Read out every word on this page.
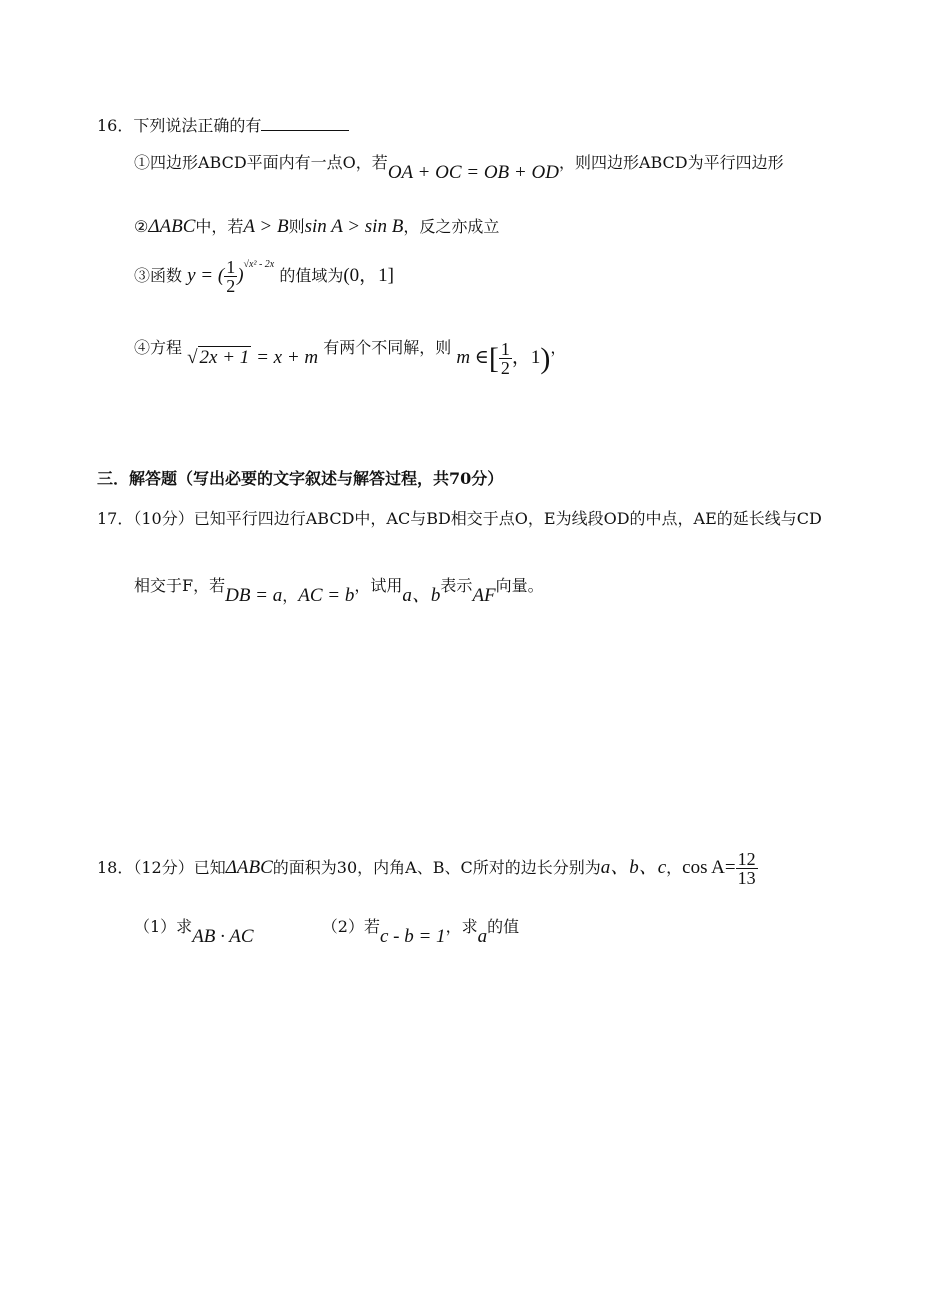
16．下列说法正确的有
①四边形ABCD平面内有一点O，若OA + OC = OB + OD，则四边形ABCD为平行四边形
②ΔABC中，若A > B则sin A > sin B，反之亦成立
③函数 y = ( $\frac{1}{2} )^{√x^2 - 2x}$ 的值域为(0，1]
④方程 √ 2x + 1 = x + m 有两个不同解，则 m ∈[ $\frac{1}{2}$ ，1)，
三．解答题（写出必要的文字叙述与解答过程，共70分）
17．（10分）已知平行四边行ABCD中，AC与BD相交于点O，E为线段OD的中点，AE的延长线与CD
相交于F，若DB = a，AC = b，试用a、b表示AF向量。
18．（12分）已知ΔABC的面积为30，内角A、B、C所对的边长分别为a、b、c，$\cos A= \frac{12}{13}$
（1）求AB · AC	（2）若c - b = 1，求a的值
